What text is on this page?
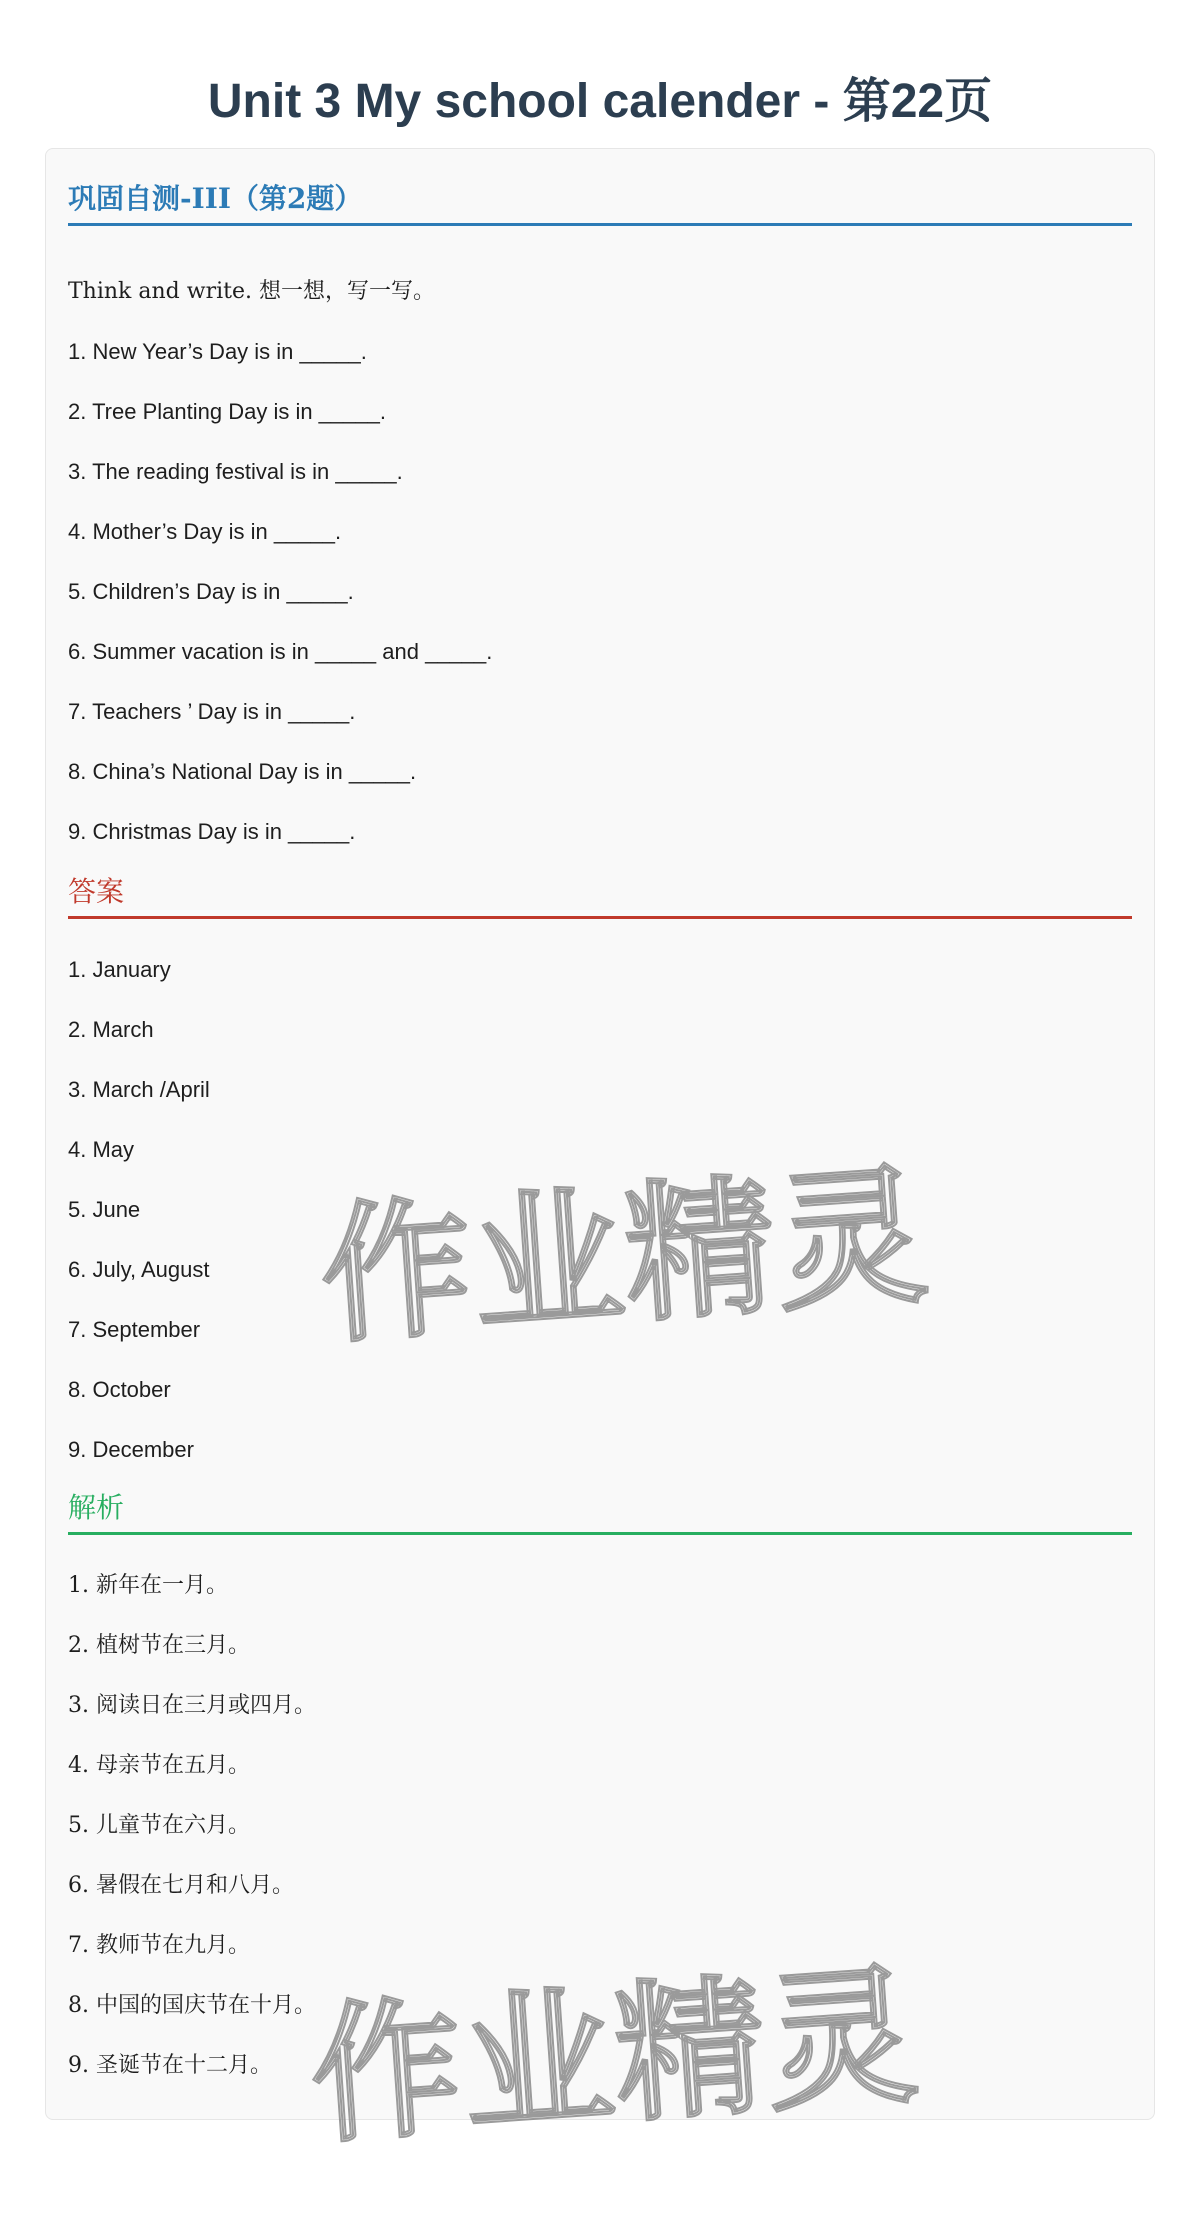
Unit 3 My school calender - 第22页
巩固自测-III（第2题）
Think and write. 想一想，写一写。
1. New Year’s Day is in _____.
2. Tree Planting Day is in _____.
3. The reading festival is in _____.
4. Mother’s Day is in _____.
5. Children’s Day is in _____.
6. Summer vacation is in _____ and _____.
7. Teachers ’ Day is in _____.
8. China’s National Day is in _____.
9. Christmas Day is in _____.
答案
1. January
2. March
3. March /April
4. May
5. June
6. July, August
7. September
8. October
9. December
解析
1. 新年在一月。
2. 植树节在三月。
3. 阅读日在三月或四月。
4. 母亲节在五月。
5. 儿童节在六月。
6. 暑假在七月和八月。
7. 教师节在九月。
8. 中国的国庆节在十月。
9. 圣诞节在十二月。
作业精灵
作业精灵
